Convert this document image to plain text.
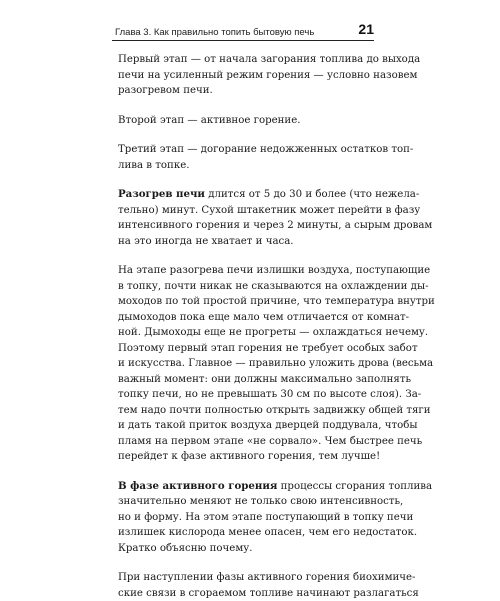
Глава 3. Как правильно топить бытовую печь	21
Первый этап — от начала загорания топлива до выхода
печи на усиленный режим горения — условно назовем
разогревом печи.
Второй этап — активное горение.
Третий этап — догорание недожженных остатков топ-
лива в топке.
Разогрев печи длится от 5 до 30 и более (что нежела-
тельно) минут. Сухой штакетник может перейти в фазу
интенсивного горения и через 2 минуты, а сырым дровам
на это иногда не хватает и часа.
На этапе разогрева печи излишки воздуха, поступающие
в топку, почти никак не сказываются на охлаждении ды-
моходов по той простой причине, что температура внутри
дымоходов пока еще мало чем отличается от комнат-
ной. Дымоходы еще не прогреты — охлаждаться нечему.
Поэтому первый этап горения не требует особых забот
и искусства. Главное — правильно уложить дрова (весьма
важный момент: они должны максимально заполнять
топку печи, но не превышать 30 см по высоте слоя). За-
тем надо почти полностью открыть задвижку общей тяги
и дать такой приток воздуха дверцей поддувала, чтобы
пламя на первом этапе «не сорвало». Чем быстрее печь
перейдет к фазе активного горения, тем лучше!
В фазе активного горения процессы сгорания топлива
значительно меняют не только свою интенсивность,
но и форму. На этом этапе поступающий в топку печи
излишек кислорода менее опасен, чем его недостаток.
Кратко объясню почему.
При наступлении фазы активного горения биохимиче-
ские связи в сгораемом топливе начинают разлагаться
